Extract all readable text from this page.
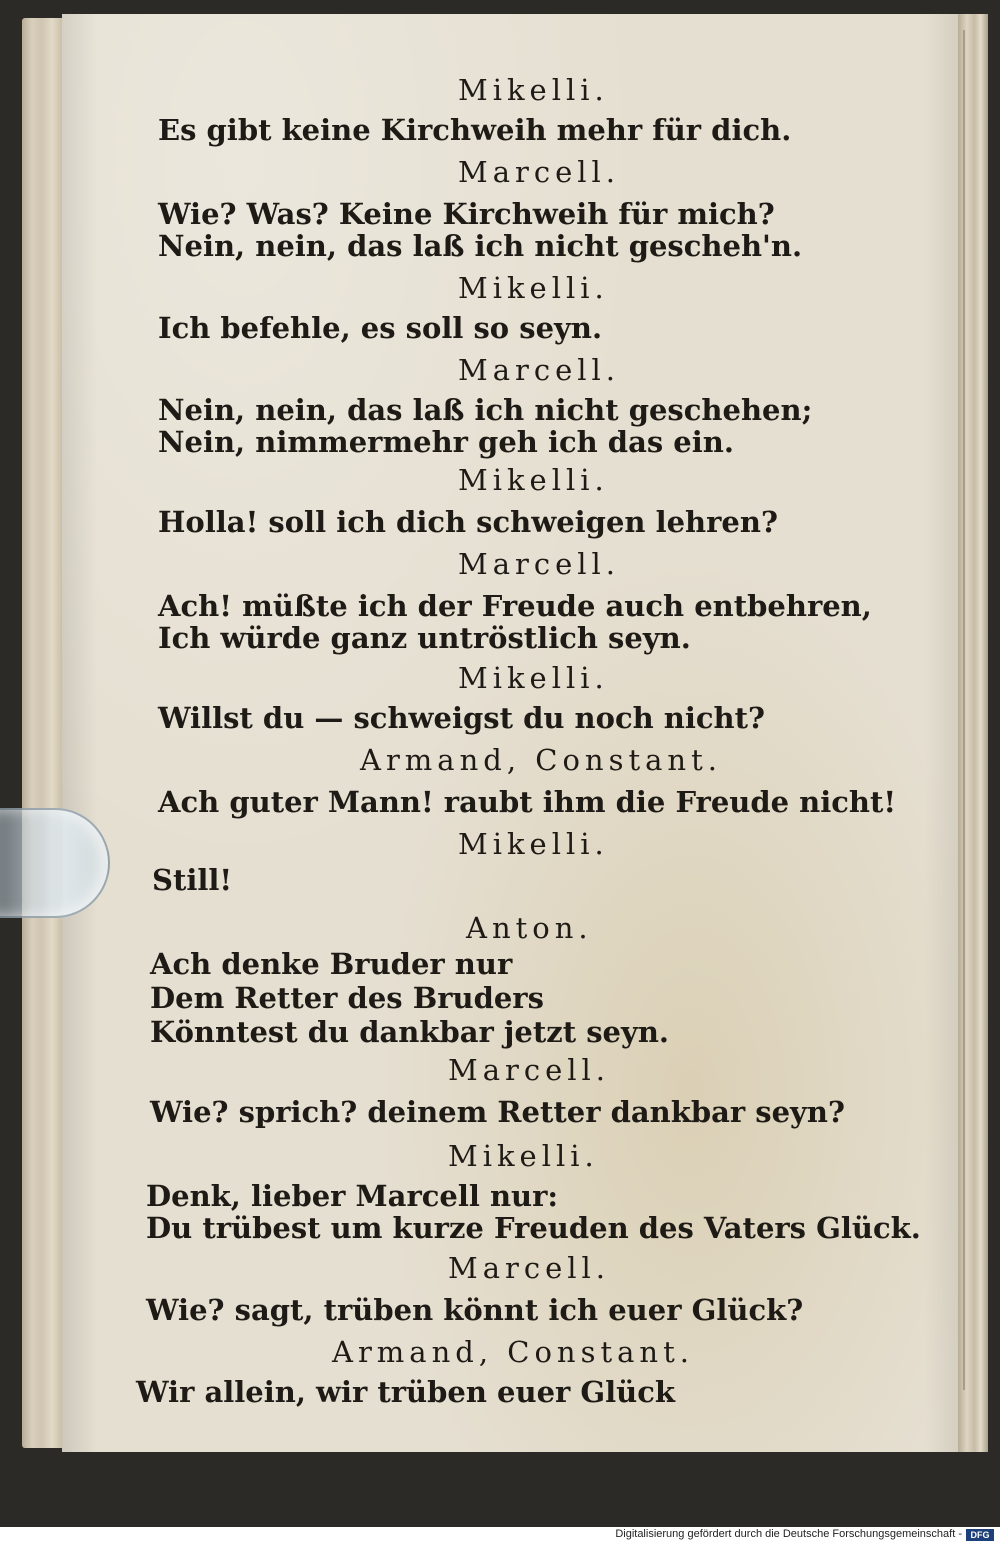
Mikelli.
Es gibt keine Kirchweih mehr für dich.
Marcell.
Wie? Was? Keine Kirchweih für mich?
Nein, nein, das laß ich nicht gescheh'n.
Mikelli.
Ich befehle, es soll so seyn.
Marcell.
Nein, nein, das laß ich nicht geschehen;
Nein, nimmermehr geh ich das ein.
Mikelli.
Holla! soll ich dich schweigen lehren?
Marcell.
Ach! müßte ich der Freude auch entbehren,
Ich würde ganz untröstlich seyn.
Mikelli.
Willst du — schweigst du noch nicht?
Armand, Constant.
Ach guter Mann! raubt ihm die Freude nicht!
Mikelli.
Still!
Anton.
Ach denke Bruder nur
Dem Retter des Bruders
Könntest du dankbar jetzt seyn.
Marcell.
Wie? sprich? deinem Retter dankbar seyn?
Mikelli.
Denk, lieber Marcell nur:
Du trübest um kurze Freuden des Vaters Glück.
Marcell.
Wie? sagt, trüben könnt ich euer Glück?
Armand, Constant.
Wir allein, wir trüben euer Glück
Digitalisierung gefördert durch die Deutsche Forschungsgemeinschaft - DFG
